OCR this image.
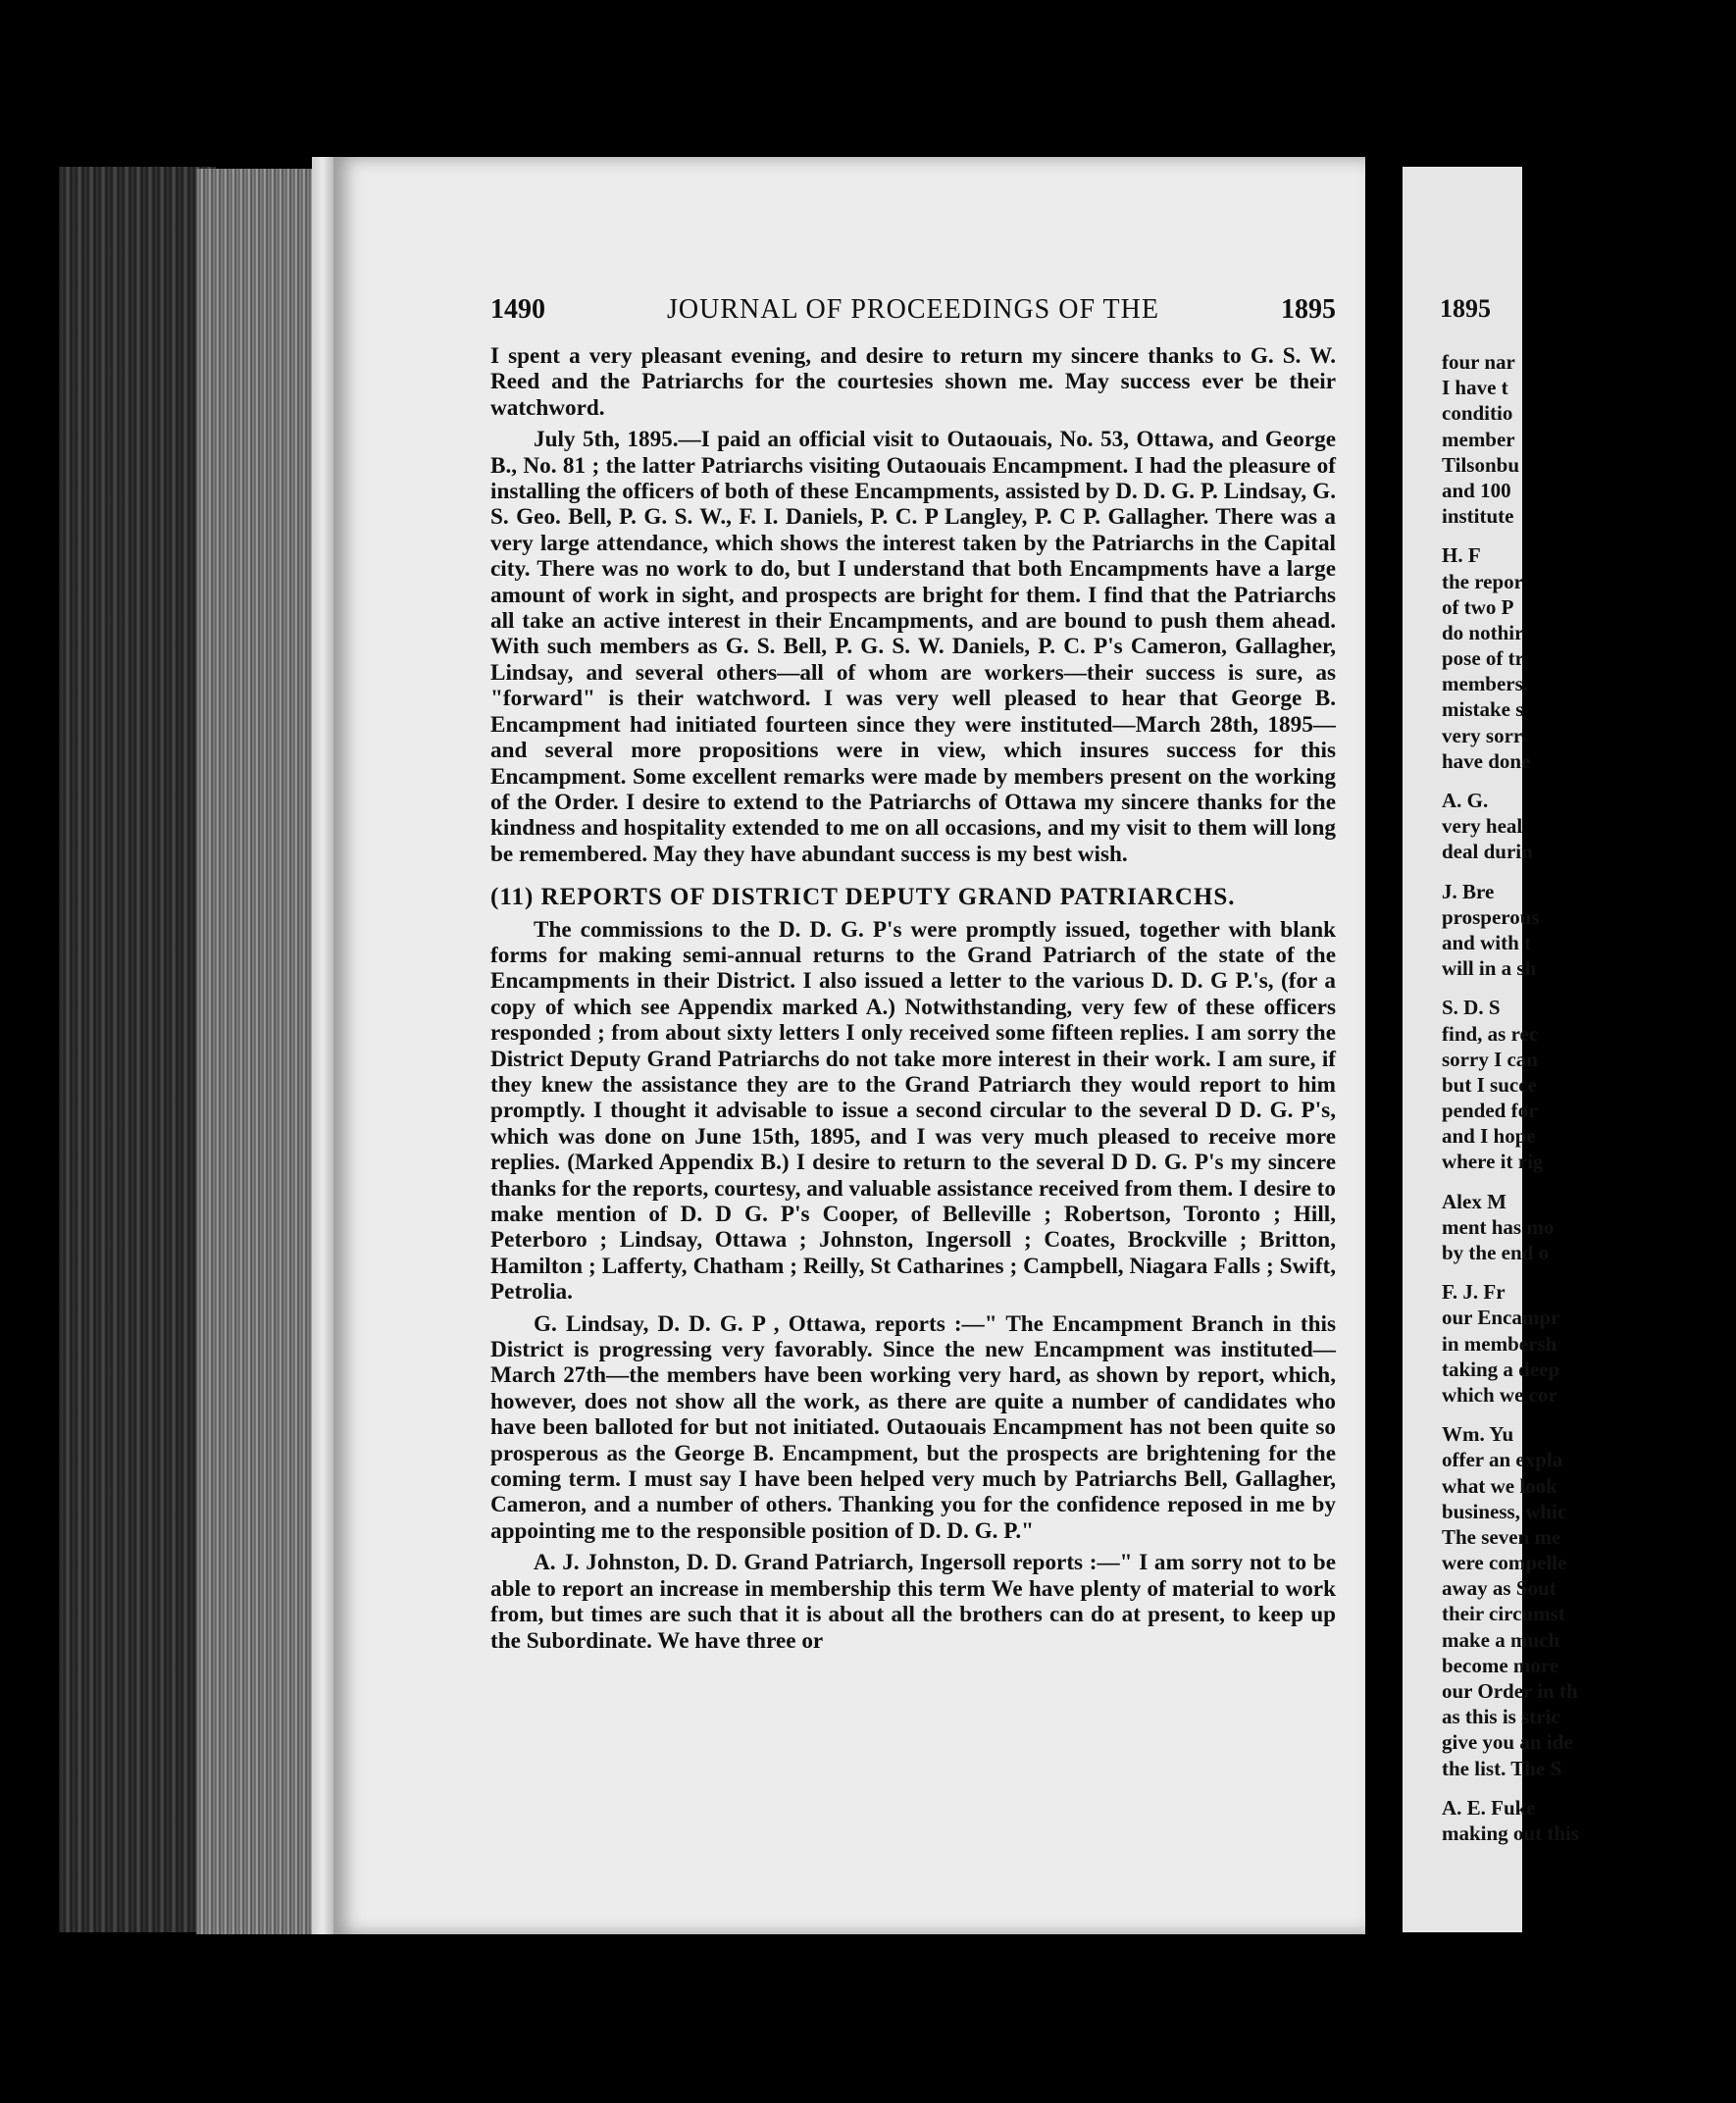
1490	JOURNAL OF PROCEEDINGS OF THE	1895

I spent a very pleasant evening, and desire to return my sincere thanks to G. S. W. Reed and the Patriarchs for the courtesies shown me. May success ever be their watchword.

July 5th, 1895.—I paid an official visit to Outaouais, No. 53, Ottawa, and George B., No. 81 ; the latter Patriarchs visiting Outaouais Encampment. I had the pleasure of installing the officers of both of these Encampments, assisted by D. D. G. P. Lindsay, G. S. Geo. Bell, P. G. S. W., F. I. Daniels, P. C. P Langley, P. C P. Gallagher. There was a very large attendance, which shows the interest taken by the Patriarchs in the Capital city. There was no work to do, but I understand that both Encampments have a large amount of work in sight, and prospects are bright for them. I find that the Patriarchs all take an active interest in their Encampments, and are bound to push them ahead. With such members as G. S. Bell, P. G. S. W. Daniels, P. C. P's Cameron, Gallagher, Lindsay, and several others—all of whom are workers—their success is sure, as "forward" is their watchword. I was very well pleased to hear that George B. Encampment had initiated fourteen since they were instituted—March 28th, 1895—and several more propositions were in view, which insures success for this Encampment. Some excellent remarks were made by members present on the working of the Order. I desire to extend to the Patriarchs of Ottawa my sincere thanks for the kindness and hospitality extended to me on all occasions, and my visit to them will long be remembered. May they have abundant success is my best wish.

(11) REPORTS OF DISTRICT DEPUTY GRAND PATRIARCHS.

The commissions to the D. D. G. P's were promptly issued, together with blank forms for making semi-annual returns to the Grand Patriarch of the state of the Encampments in their District. I also issued a letter to the various D. D. G P.'s, (for a copy of which see Appendix marked A.) Notwithstanding, very few of these officers responded ; from about sixty letters I only received some fifteen replies. I am sorry the District Deputy Grand Patriarchs do not take more interest in their work. I am sure, if they knew the assistance they are to the Grand Patriarch they would report to him promptly. I thought it advisable to issue a second circular to the several D D. G. P's, which was done on June 15th, 1895, and I was very much pleased to receive more replies. (Marked Appendix B.) I desire to return to the several D D. G. P's my sincere thanks for the reports, courtesy, and valuable assistance received from them. I desire to make mention of D. D G. P's Cooper, of Belleville ; Robertson, Toronto ; Hill, Peterboro ; Lindsay, Ottawa ; Johnston, Ingersoll ; Coates, Brockville ; Britton, Hamilton ; Lafferty, Chatham ; Reilly, St Catharines ; Campbell, Niagara Falls ; Swift, Petrolia.

G. Lindsay, D. D. G. P , Ottawa, reports :—" The Encampment Branch in this District is progressing very favorably. Since the new Encampment was instituted—March 27th—the members have been working very hard, as shown by report, which, however, does not show all the work, as there are quite a number of candidates who have been balloted for but not initiated. Outaouais Encampment has not been quite so prosperous as the George B. Encampment, but the prospects are brightening for the coming term. I must say I have been helped very much by Patriarchs Bell, Gallagher, Cameron, and a number of others. Thanking you for the confidence reposed in me by appointing me to the responsible position of D. D. G. P."

A. J. Johnston, D. D. Grand Patriarch, Ingersoll reports :—" I am sorry not to be able to report an increase in membership this term We have plenty of material to work from, but times are such that it is about all the brothers can do at present, to keep up the Subordinate. We have three or

1895
four nar
I have t
conditio
member
Tilsonbu
and 100
institute
H. F
the repor
of two P
do nothir
pose of tr
members.
mistake s
very sorr
have done
A. G.
very heal
deal durin
J. Bre
prosperous
and with t
will in a sh
S. D. S
find, as rec
sorry I can
but I succe
pended for
and I hope
where it rig
Alex M
ment has mo
by the end o
F. J. Fr
our Encampr
in membersh
taking a deep
which we cor
Wm. Yu
offer an expla
what we look
business, whic
The seven me
were compelle
away as Sout
their circumst
make a much
become more
our Order in th
as this is stric
give you an ide
the list. The S
A. E. Fuke
making out this
